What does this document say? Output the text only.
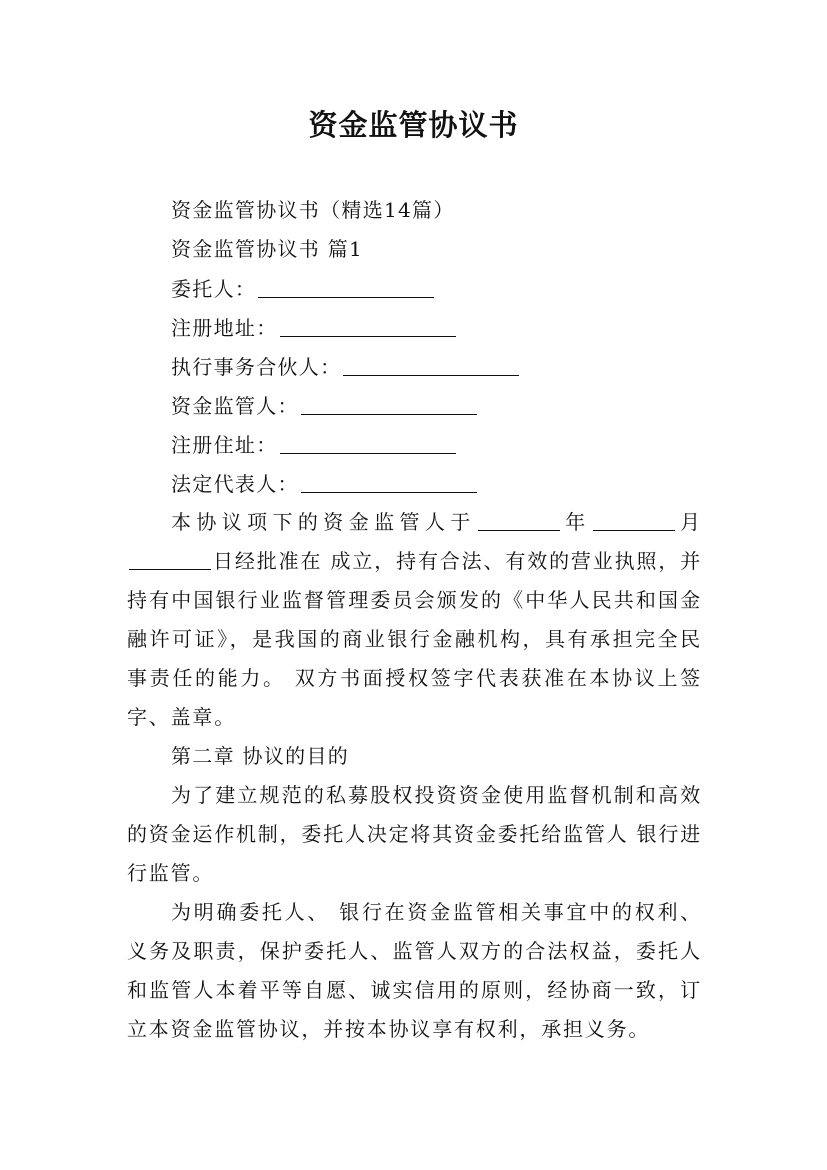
资金监管协议书
资金监管协议书（精选14篇）
资金监管协议书 篇1
委托人：
注册地址：
执行事务合伙人：
资金监管人：
注册住址：
法定代表人：
本协议项下的资金监管人于	年	月日经批准在 成立，持有合法、有效的营业执照，并持有中国银行业监督管理委员会颁发的《中华人民共和国金融许可证》，是我国的商业银行金融机构，具有承担完全民事责任的能力。 双方书面授权签字代表获准在本协议上签字、盖章。
第二章 协议的目的
为了建立规范的私募股权投资资金使用监督机制和高效的资金运作机制，委托人决定将其资金委托给监管人 银行进行监管。
为明确委托人、 银行在资金监管相关事宜中的权利、义务及职责，保护委托人、监管人双方的合法权益，委托人和监管人本着平等自愿、诚实信用的原则，经协商一致，订立本资金监管协议，并按本协议享有权利，承担义务。
